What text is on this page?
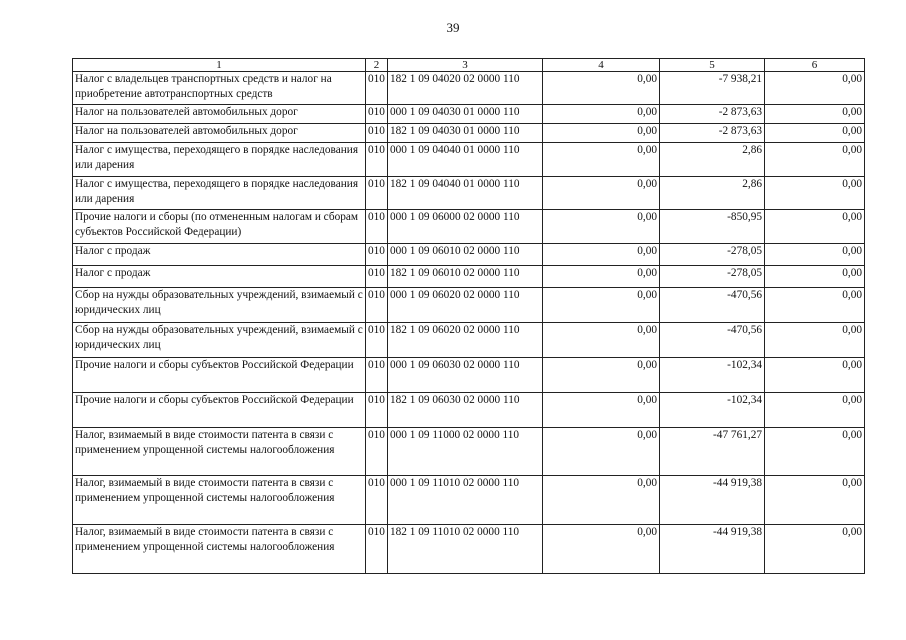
39
1	2	3	4	5	6
Налог с владельцев транспортных средств и налог на приобретение автотранспортных средств	010	182 1 09 04020 02 0000 110	0,00	-7 938,21	0,00
Налог на пользователей автомобильных дорог	010	000 1 09 04030 01 0000 110	0,00	-2 873,63	0,00
Налог на пользователей автомобильных дорог	010	182 1 09 04030 01 0000 110	0,00	-2 873,63	0,00
Налог с имущества, переходящего в порядке наследования или дарения	010	000 1 09 04040 01 0000 110	0,00	2,86	0,00
Налог с имущества, переходящего в порядке наследования или дарения	010	182 1 09 04040 01 0000 110	0,00	2,86	0,00
Прочие налоги и сборы (по отмененным налогам и сборам субъектов Российской Федерации)	010	000 1 09 06000 02 0000 110	0,00	-850,95	0,00
Налог с продаж	010	000 1 09 06010 02 0000 110	0,00	-278,05	0,00
Налог с продаж	010	182 1 09 06010 02 0000 110	0,00	-278,05	0,00
Сбор на нужды образовательных учреждений, взимаемый с юридических лиц	010	000 1 09 06020 02 0000 110	0,00	-470,56	0,00
Сбор на нужды образовательных учреждений, взимаемый с юридических лиц	010	182 1 09 06020 02 0000 110	0,00	-470,56	0,00
Прочие налоги и сборы субъектов Российской Федерации	010	000 1 09 06030 02 0000 110	0,00	-102,34	0,00
Прочие налоги и сборы субъектов Российской Федерации	010	182 1 09 06030 02 0000 110	0,00	-102,34	0,00
Налог, взимаемый в виде стоимости патента в связи с применением упрощенной системы налогообложения	010	000 1 09 11000 02 0000 110	0,00	-47 761,27	0,00
Налог, взимаемый в виде стоимости патента в связи с применением упрощенной системы налогообложения	010	000 1 09 11010 02 0000 110	0,00	-44 919,38	0,00
Налог, взимаемый в виде стоимости патента в связи с применением упрощенной системы налогообложения	010	182 1 09 11010 02 0000 110	0,00	-44 919,38	0,00
